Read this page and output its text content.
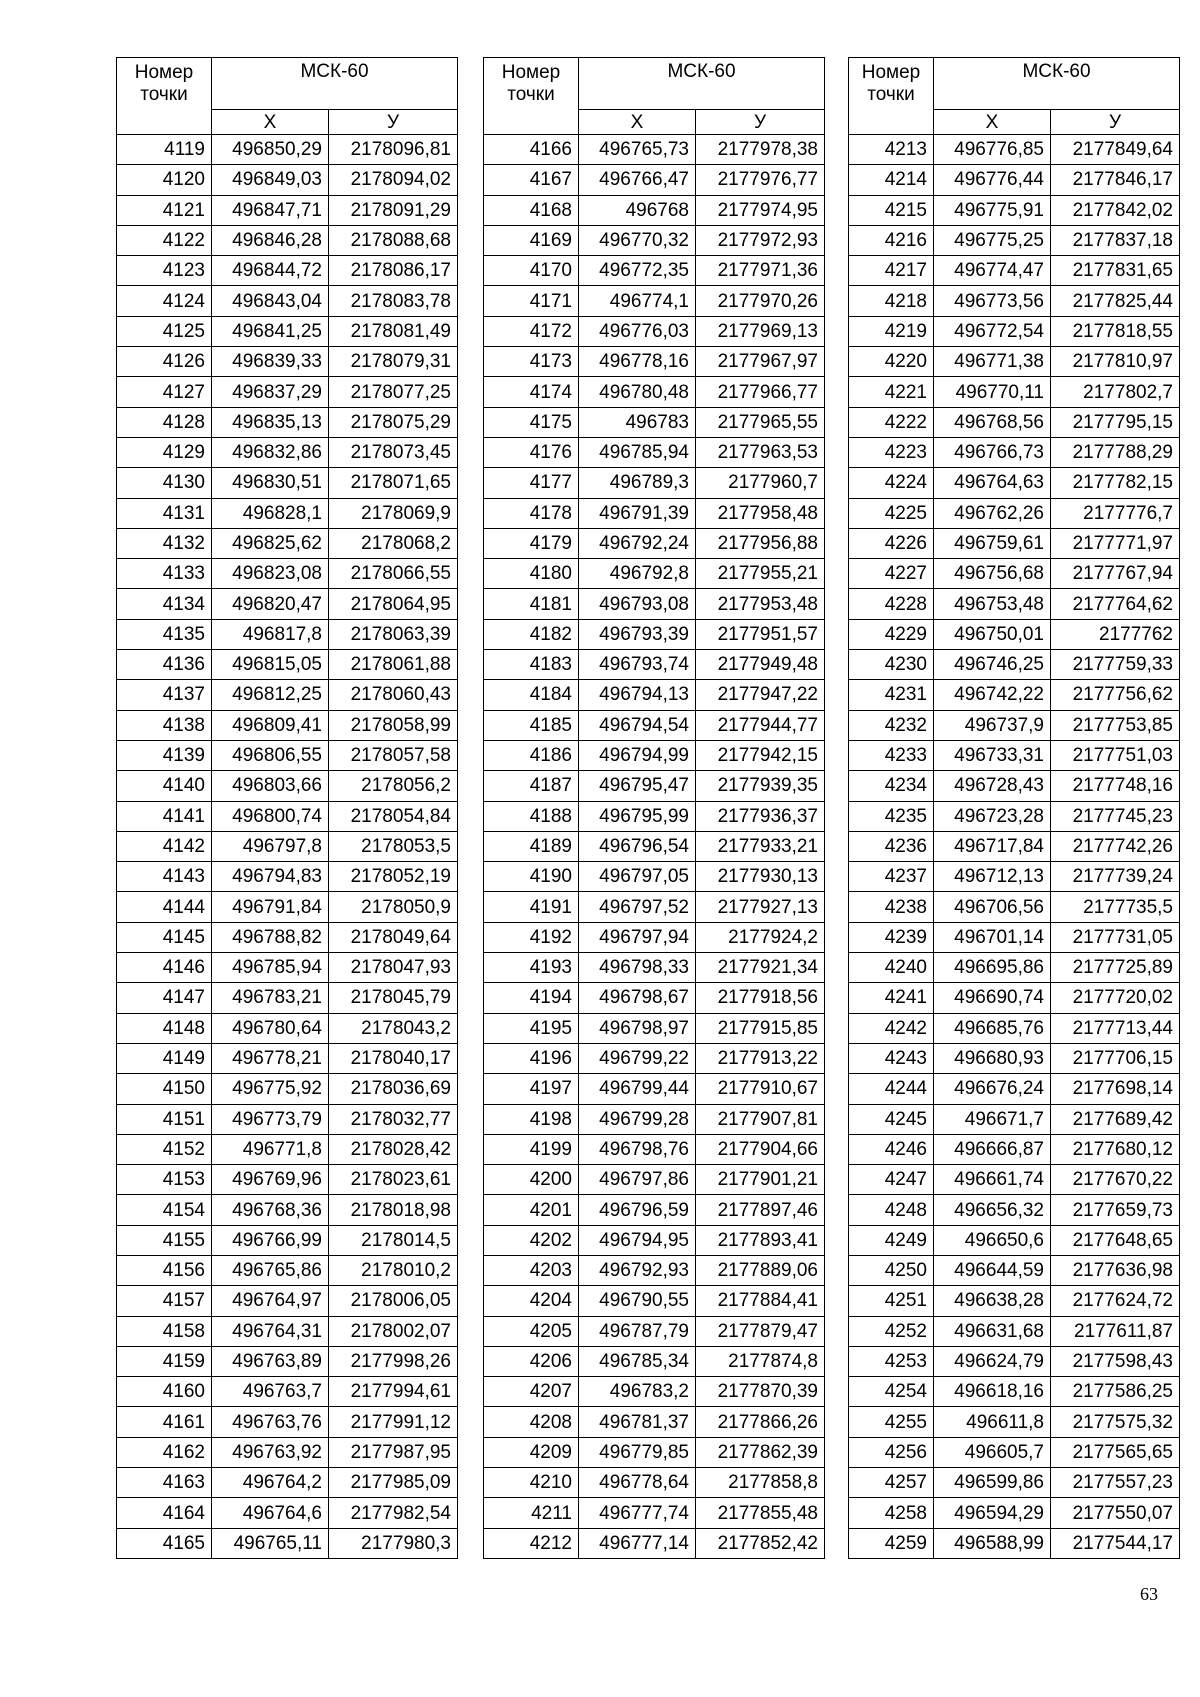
Номер точки	МСК-60	
	Х	У
4119	496850,29	2178096,81
4120	496849,03	2178094,02
4121	496847,71	2178091,29
4122	496846,28	2178088,68
4123	496844,72	2178086,17
4124	496843,04	2178083,78
4125	496841,25	2178081,49
4126	496839,33	2178079,31
4127	496837,29	2178077,25
4128	496835,13	2178075,29
4129	496832,86	2178073,45
4130	496830,51	2178071,65
4131	496828,1	2178069,9
4132	496825,62	2178068,2
4133	496823,08	2178066,55
4134	496820,47	2178064,95
4135	496817,8	2178063,39
4136	496815,05	2178061,88
4137	496812,25	2178060,43
4138	496809,41	2178058,99
4139	496806,55	2178057,58
4140	496803,66	2178056,2
4141	496800,74	2178054,84
4142	496797,8	2178053,5
4143	496794,83	2178052,19
4144	496791,84	2178050,9
4145	496788,82	2178049,64
4146	496785,94	2178047,93
4147	496783,21	2178045,79
4148	496780,64	2178043,2
4149	496778,21	2178040,17
4150	496775,92	2178036,69
4151	496773,79	2178032,77
4152	496771,8	2178028,42
4153	496769,96	2178023,61
4154	496768,36	2178018,98
4155	496766,99	2178014,5
4156	496765,86	2178010,2
4157	496764,97	2178006,05
4158	496764,31	2178002,07
4159	496763,89	2177998,26
4160	496763,7	2177994,61
4161	496763,76	2177991,12
4162	496763,92	2177987,95
4163	496764,2	2177985,09
4164	496764,6	2177982,54
4165	496765,11	2177980,3
Номер точки	МСК-60	
	Х	У
4166	496765,73	2177978,38
4167	496766,47	2177976,77
4168	496768	2177974,95
4169	496770,32	2177972,93
4170	496772,35	2177971,36
4171	496774,1	2177970,26
4172	496776,03	2177969,13
4173	496778,16	2177967,97
4174	496780,48	2177966,77
4175	496783	2177965,55
4176	496785,94	2177963,53
4177	496789,3	2177960,7
4178	496791,39	2177958,48
4179	496792,24	2177956,88
4180	496792,8	2177955,21
4181	496793,08	2177953,48
4182	496793,39	2177951,57
4183	496793,74	2177949,48
4184	496794,13	2177947,22
4185	496794,54	2177944,77
4186	496794,99	2177942,15
4187	496795,47	2177939,35
4188	496795,99	2177936,37
4189	496796,54	2177933,21
4190	496797,05	2177930,13
4191	496797,52	2177927,13
4192	496797,94	2177924,2
4193	496798,33	2177921,34
4194	496798,67	2177918,56
4195	496798,97	2177915,85
4196	496799,22	2177913,22
4197	496799,44	2177910,67
4198	496799,28	2177907,81
4199	496798,76	2177904,66
4200	496797,86	2177901,21
4201	496796,59	2177897,46
4202	496794,95	2177893,41
4203	496792,93	2177889,06
4204	496790,55	2177884,41
4205	496787,79	2177879,47
4206	496785,34	2177874,8
4207	496783,2	2177870,39
4208	496781,37	2177866,26
4209	496779,85	2177862,39
4210	496778,64	2177858,8
4211	496777,74	2177855,48
4212	496777,14	2177852,42
Номер точки	МСК-60	
	Х	У
4213	496776,85	2177849,64
4214	496776,44	2177846,17
4215	496775,91	2177842,02
4216	496775,25	2177837,18
4217	496774,47	2177831,65
4218	496773,56	2177825,44
4219	496772,54	2177818,55
4220	496771,38	2177810,97
4221	496770,11	2177802,7
4222	496768,56	2177795,15
4223	496766,73	2177788,29
4224	496764,63	2177782,15
4225	496762,26	2177776,7
4226	496759,61	2177771,97
4227	496756,68	2177767,94
4228	496753,48	2177764,62
4229	496750,01	2177762
4230	496746,25	2177759,33
4231	496742,22	2177756,62
4232	496737,9	2177753,85
4233	496733,31	2177751,03
4234	496728,43	2177748,16
4235	496723,28	2177745,23
4236	496717,84	2177742,26
4237	496712,13	2177739,24
4238	496706,56	2177735,5
4239	496701,14	2177731,05
4240	496695,86	2177725,89
4241	496690,74	2177720,02
4242	496685,76	2177713,44
4243	496680,93	2177706,15
4244	496676,24	2177698,14
4245	496671,7	2177689,42
4246	496666,87	2177680,12
4247	496661,74	2177670,22
4248	496656,32	2177659,73
4249	496650,6	2177648,65
4250	496644,59	2177636,98
4251	496638,28	2177624,72
4252	496631,68	2177611,87
4253	496624,79	2177598,43
4254	496618,16	2177586,25
4255	496611,8	2177575,32
4256	496605,7	2177565,65
4257	496599,86	2177557,23
4258	496594,29	2177550,07
4259	496588,99	2177544,17
63
